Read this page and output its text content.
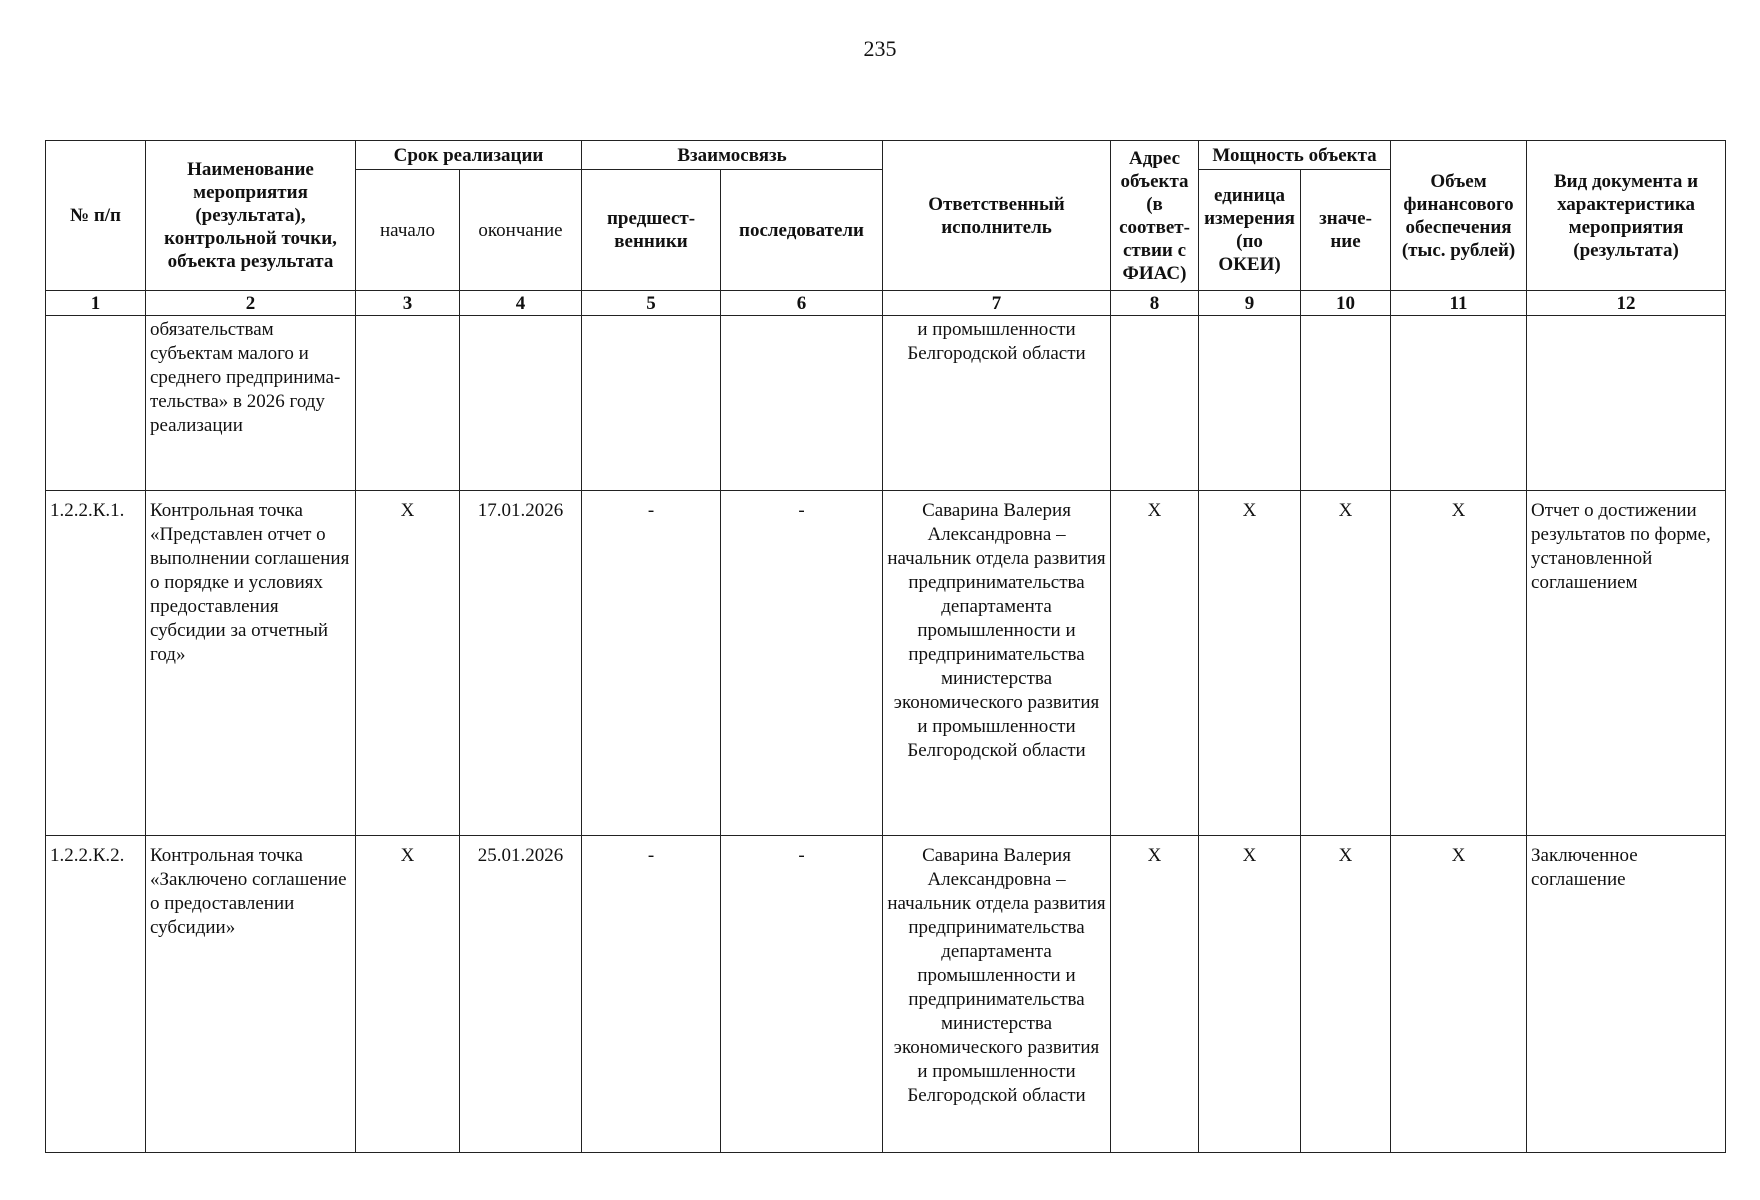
235
№ п/п	Наименование мероприятия (результата), контрольной точки, объекта результата	Срок реализации		Взаимосвязь		Ответственный исполнитель	Адрес объекта (в соответ-ствии с ФИАС)	Мощность объекта		Объем финансового обеспечения (тыс. рублей)	Вид документа и характеристика мероприятия (результата)
		начало	окончание	предшест-венники	последователи			единица измерения (по ОКЕИ)	значе-ние		
1	2	3	4	5	6	7	8	9	10	11	12
	обязательствам субъектам малого и среднего предпринима-тельства» в 2026 году реализации					и промышленности Белгородской области					
1.2.2.К.1.	Контрольная точка «Представлен отчет о выполнении соглашения о порядке и условиях предоставления субсидии за отчетный год»	X	17.01.2026	-	-	Саварина Валерия Александровна – начальник отдела развития предпринимательства департамента промышленности и предпринимательства министерства экономического развития и промышленности Белгородской области	X	X	X	X	Отчет о достижении результатов по форме, установленной соглашением
1.2.2.К.2.	Контрольная точка «Заключено соглашение о предоставлении субсидии»	X	25.01.2026	-	-	Саварина Валерия Александровна – начальник отдела развития предпринимательства департамента промышленности и предпринимательства министерства экономического развития и промышленности Белгородской области	X	X	X	X	Заключенное соглашение
